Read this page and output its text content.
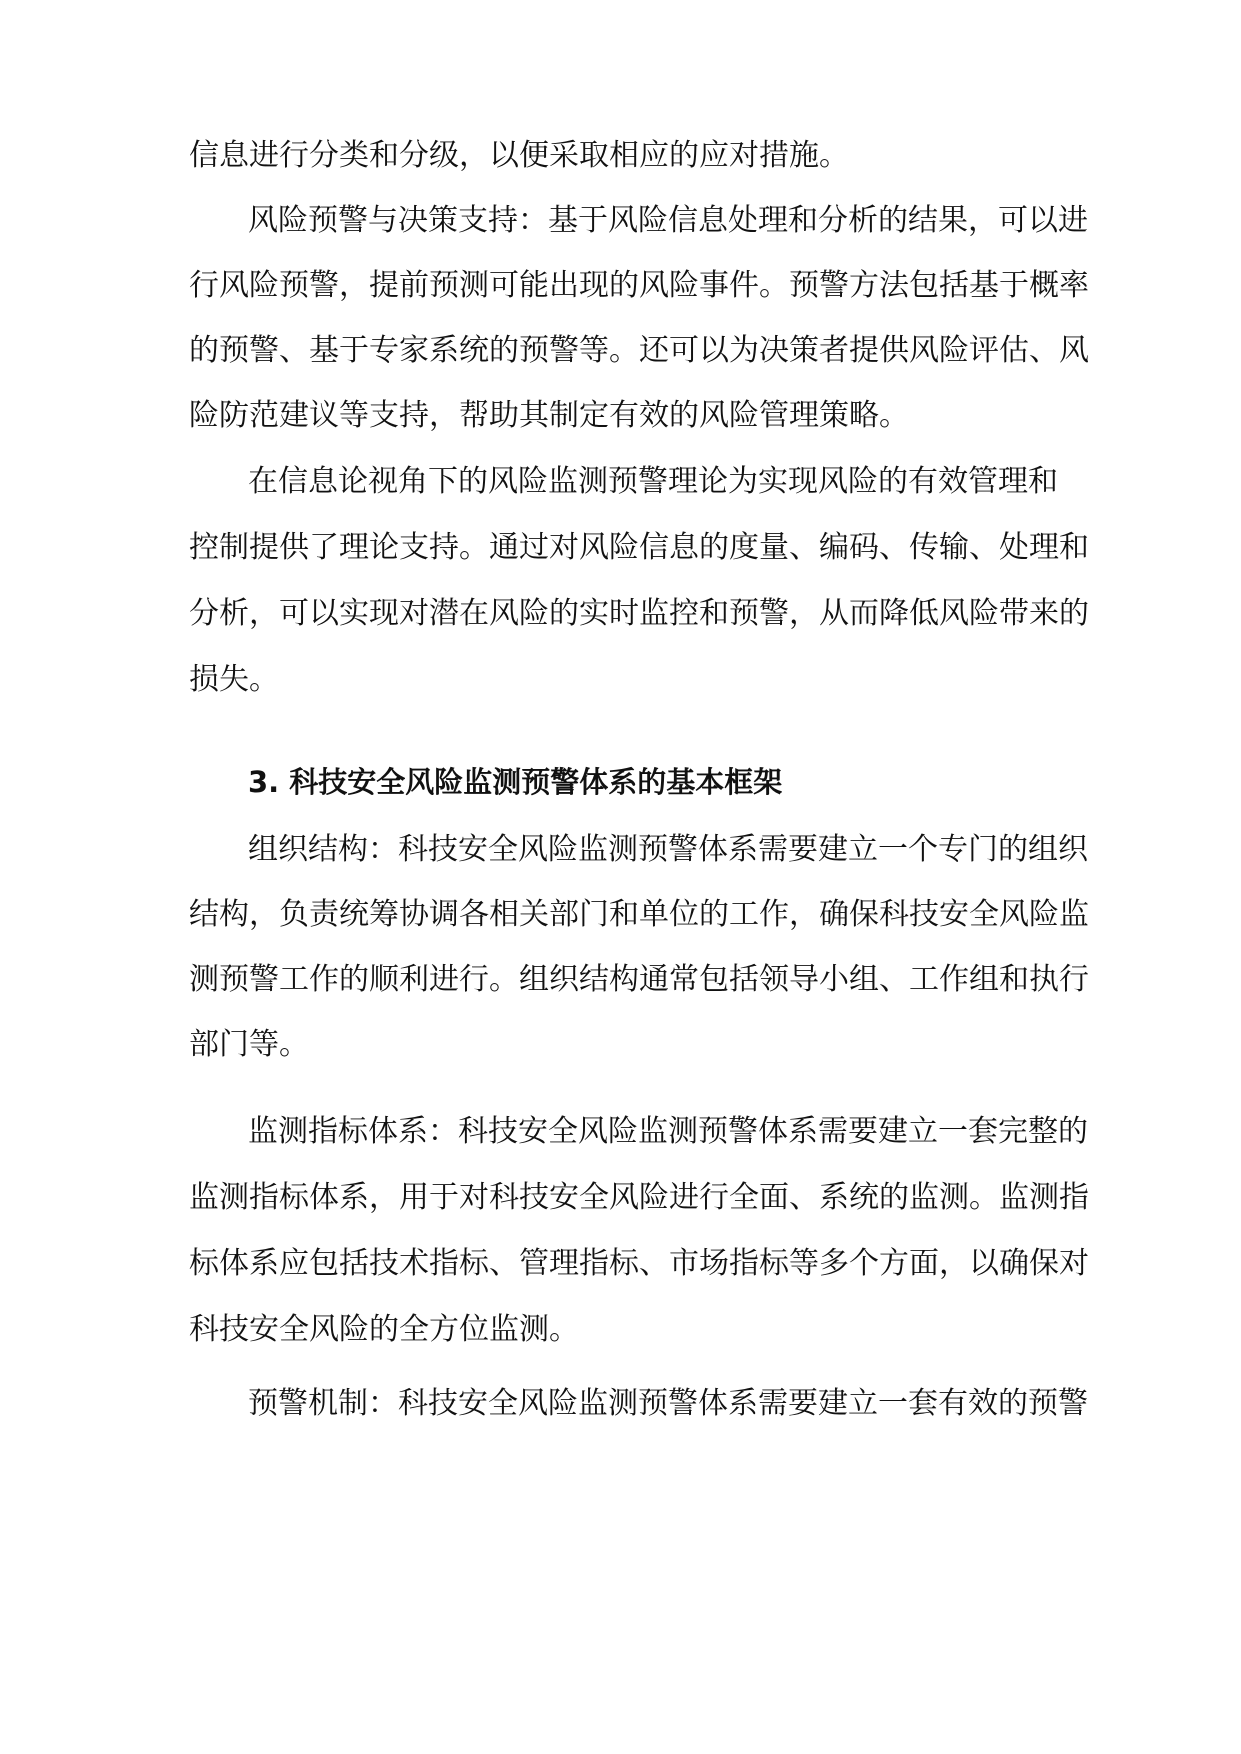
信息进行分类和分级，以便采取相应的应对措施。
风险预警与决策支持：基于风险信息处理和分析的结果，可以进
行风险预警，提前预测可能出现的风险事件。预警方法包括基于概率
的预警、基于专家系统的预警等。还可以为决策者提供风险评估、风
险防范建议等支持，帮助其制定有效的风险管理策略。
在信息论视角下的风险监测预警理论为实现风险的有效管理和
控制提供了理论支持。通过对风险信息的度量、编码、传输、处理和
分析，可以实现对潜在风险的实时监控和预警，从而降低风险带来的
损失。
3. 科技安全风险监测预警体系的基本框架
组织结构：科技安全风险监测预警体系需要建立一个专门的组织
结构，负责统筹协调各相关部门和单位的工作，确保科技安全风险监
测预警工作的顺利进行。组织结构通常包括领导小组、工作组和执行
部门等。
监测指标体系：科技安全风险监测预警体系需要建立一套完整的
监测指标体系，用于对科技安全风险进行全面、系统的监测。监测指
标体系应包括技术指标、管理指标、市场指标等多个方面，以确保对
科技安全风险的全方位监测。
预警机制：科技安全风险监测预警体系需要建立一套有效的预警
